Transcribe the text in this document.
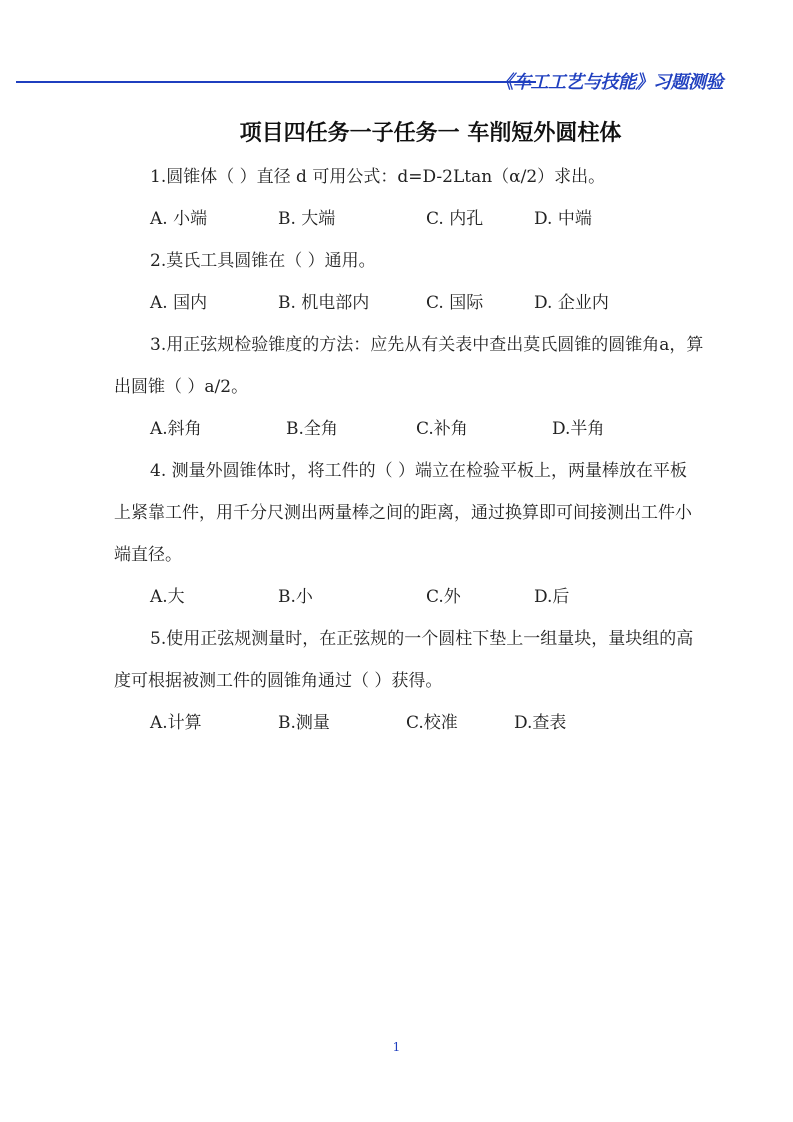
《车工工艺与技能》习题测验
项目四任务一子任务一 车削短外圆柱体
1.圆锥体（ ）直径 d 可用公式：d=D-2Ltan（α/2）求出。
A. 小端	B. 大端	C. 内孔	D. 中端
2.莫氏工具圆锥在（ ）通用。
A. 国内	B. 机电部内	C. 国际	D. 企业内
3.用正弦规检验锥度的方法：应先从有关表中查出莫氏圆锥的圆锥角a，算出圆锥（ ）a/2。
A.斜角	B.全角	C.补角	D.半角
4. 测量外圆锥体时，将工件的（ ）端立在检验平板上，两量棒放在平板上紧靠工件，用千分尺测出两量棒之间的距离，通过换算即可间接测出工件小端直径。
A.大	B.小	C.外	D.后
5.使用正弦规测量时，在正弦规的一个圆柱下垫上一组量块，量块组的高度可根据被测工件的圆锥角通过（ ）获得。
A.计算	B.测量	C.校准	D.查表
1
